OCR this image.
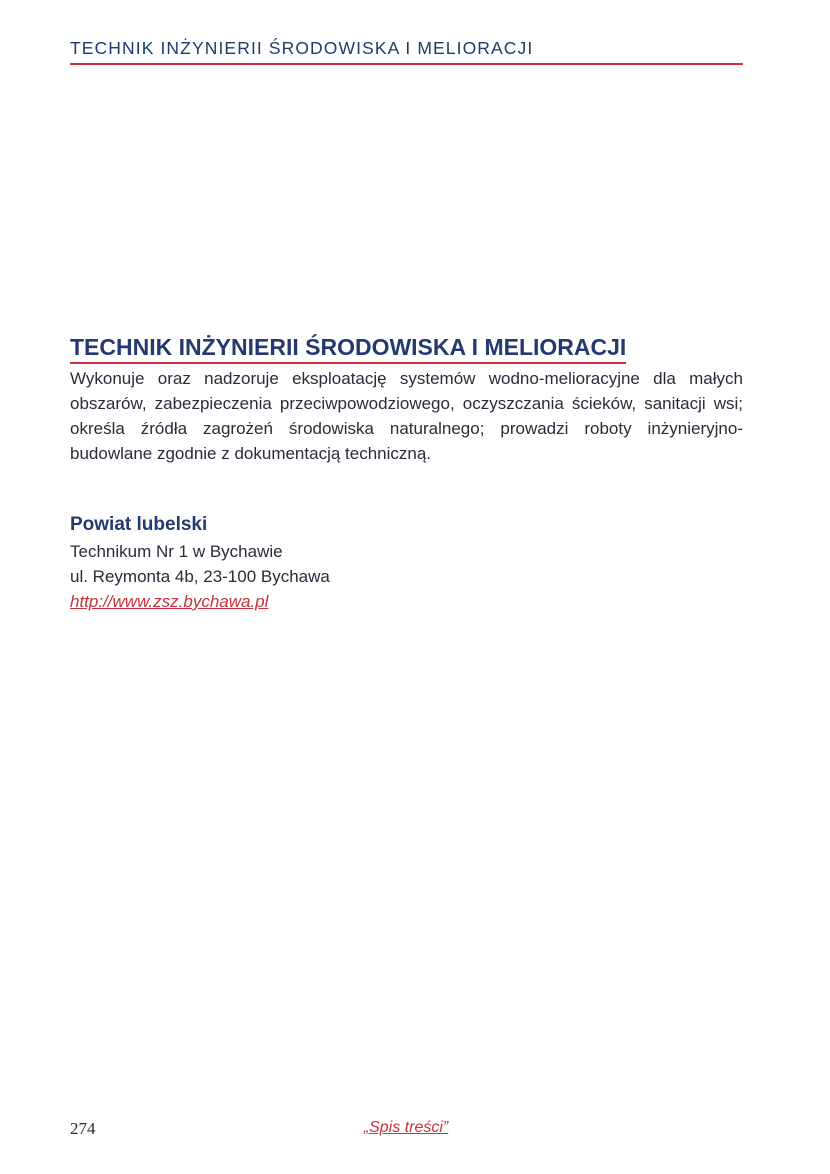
TECHNIK INŻYNIERII ŚRODOWISKA I MELIORACJI
TECHNIK INŻYNIERII ŚRODOWISKA I MELIORACJI

Wykonuje oraz nadzoruje eksploatację systemów wodno-melioracyjne dla małych obszarów, zabezpieczenia przeciwpowodziowego, oczyszczania ścieków, sanitacji wsi; określa źródła zagrożeń środowiska naturalnego; prowadzi roboty inżynieryjno-budowlane zgodnie z dokumentacją techniczną.

Powiat lubelski
Technikum Nr 1 w Bychawie
ul. Reymonta 4b, 23-100 Bychawa
http://www.zsz.bychawa.pl
274	„Spis treści”
